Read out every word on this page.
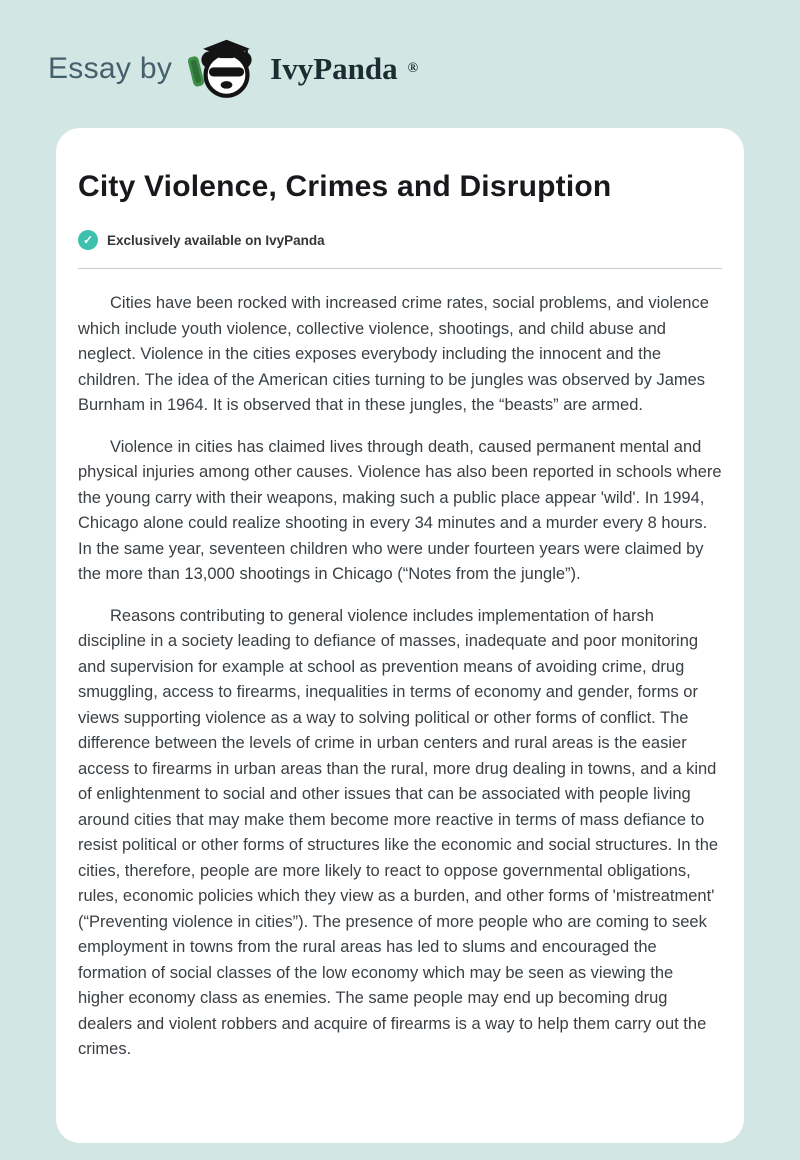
Essay by	IvyPanda ®
City Violence, Crimes and Disruption
✓	Exclusively available on IvyPanda

Cities have been rocked with increased crime rates, social problems, and violence which include youth violence, collective violence, shootings, and child abuse and neglect. Violence in the cities exposes everybody including the innocent and the children. The idea of the American cities turning to be jungles was observed by James Burnham in 1964. It is observed that in these jungles, the “beasts” are armed.

Violence in cities has claimed lives through death, caused permanent mental and physical injuries among other causes. Violence has also been reported in schools where the young carry with their weapons, making such a public place appear 'wild'. In 1994, Chicago alone could realize shooting in every 34 minutes and a murder every 8 hours. In the same year, seventeen children who were under fourteen years were claimed by the more than 13,000 shootings in Chicago (“Notes from the jungle”).

Reasons contributing to general violence includes implementation of harsh discipline in a society leading to defiance of masses, inadequate and poor monitoring and supervision for example at school as prevention means of avoiding crime, drug smuggling, access to firearms, inequalities in terms of economy and gender, forms or views supporting violence as a way to solving political or other forms of conflict. The difference between the levels of crime in urban centers and rural areas is the easier access to firearms in urban areas than the rural, more drug dealing in towns, and a kind of enlightenment to social and other issues that can be associated with people living around cities that may make them become more reactive in terms of mass defiance to resist political or other forms of structures like the economic and social structures. In the cities, therefore, people are more likely to react to oppose governmental obligations, rules, economic policies which they view as a burden, and other forms of 'mistreatment' (“Preventing violence in cities”). The presence of more people who are coming to seek employment in towns from the rural areas has led to slums and encouraged the formation of social classes of the low economy which may be seen as viewing the higher economy class as enemies. The same people may end up becoming drug dealers and violent robbers and acquire of firearms is a way to help them carry out the crimes.
